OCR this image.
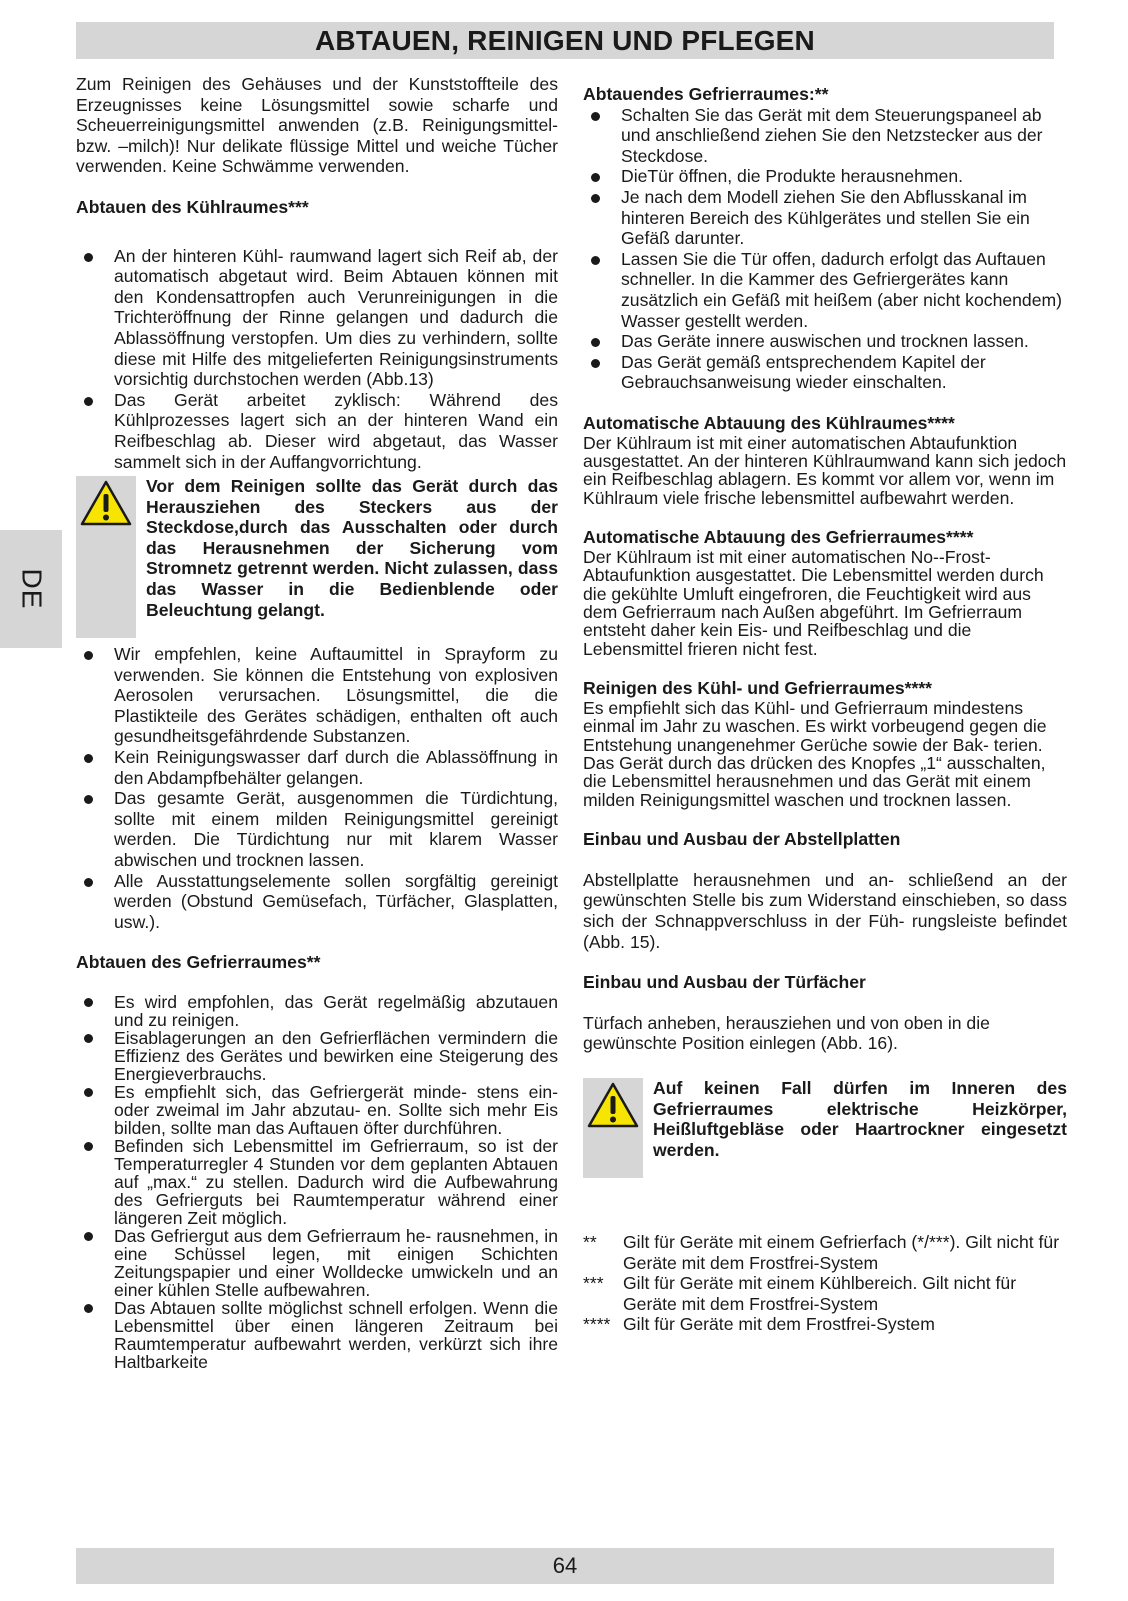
ABTAUEN, REINIGEN UND PFLEGEN
DE

Zum Reinigen des Gehäuses und der Kunststoffteile des Erzeugnisses keine Lösungsmittel sowie scharfe und Scheuerreinigungsmittel anwenden (z.B. Reinigungsmittel- bzw. –milch)! Nur delikate flüssige Mittel und weiche Tücher verwenden. Keine Schwämme verwenden.

Abtauen des Kühlraumes***

An der hinteren Kühl- raumwand lagert sich Reif ab, der automatisch abgetaut wird. Beim Abtauen können mit den Kondensattropfen auch Verunreinigungen in die Trichteröffnung der Rinne gelangen und dadurch die Ablassöffnung verstopfen. Um dies zu verhindern, sollte diese mit Hilfe des mitgelieferten Reinigungsinstruments vorsichtig durchstochen werden (Abb.13)
Das Gerät arbeitet zyklisch: Während des Kühlprozesses lagert sich an der hinteren Wand ein Reifbeschlag ab. Dieser wird abgetaut, das Wasser sammelt sich in der Auffangvorrichtung.

Vor dem Reinigen sollte das Gerät durch das Herausziehen des Steckers aus der Steckdose,durch das Ausschalten oder durch das Herausnehmen der Sicherung vom Stromnetz getrennt werden. Nicht zulassen, dass das Wasser in die Bedienblende oder Beleuchtung gelangt.

Wir empfehlen, keine Auftaumittel in Sprayform zu verwenden. Sie können die Entstehung von explosiven Aerosolen verursachen. Lösungsmittel, die die Plastikteile des Gerätes schädigen, enthalten oft auch gesundheitsgefährdende Substanzen.
Kein Reinigungswasser darf durch die Ablassöffnung in den Abdampfbehälter gelangen.
Das gesamte Gerät, ausgenommen die Türdichtung, sollte mit einem milden Reinigungsmittel gereinigt werden. Die Türdichtung nur mit klarem Wasser abwischen und trocknen lassen.
Alle Ausstattungselemente sollen sorgfältig gereinigt werden (Obstund Gemüsefach, Türfächer, Glasplatten, usw.).

Abtauen des Gefrierraumes**

Es wird empfohlen, das Gerät regelmäßig abzutauen und zu reinigen.
Eisablagerungen an den Gefrierflächen vermindern die Effizienz des Gerätes und bewirken eine Steigerung des Energieverbrauchs.
Es empfiehlt sich, das Gefriergerät minde- stens ein- oder zweimal im Jahr abzutau- en. Sollte sich mehr Eis bilden, sollte man das Auftauen öfter durchführen.
Befinden sich Lebensmittel im Gefrierraum, so ist der Temperaturregler 4 Stunden vor dem geplanten Abtauen auf „max.“ zu stellen. Dadurch wird die Aufbewahrung des Gefrierguts bei Raumtemperatur während einer längeren Zeit möglich.
Das Gefriergut aus dem Gefrierraum he- rausnehmen, in eine Schüssel legen, mit einigen Schichten Zeitungspapier und einer Wolldecke umwickeln und an einer kühlen Stelle aufbewahren.
Das Abtauen sollte möglichst schnell erfolgen. Wenn die Lebensmittel über einen längeren Zeitraum bei Raumtemperatur aufbewahrt werden, verkürzt sich ihre Haltbarkeite

Abtauendes Gefrierraumes:**

Schalten Sie das Gerät mit dem Steuerungspaneel ab und anschließend ziehen Sie den Netzstecker aus der Steckdose.
DieTür öffnen, die Produkte herausnehmen.
Je nach dem Modell ziehen Sie den Abflusskanal im hinteren Bereich des Kühlgerätes und stellen Sie ein Gefäß darunter.
Lassen Sie die Tür offen, dadurch erfolgt das Auftauen schneller. In die Kammer des Gefriergerätes kann zusätzlich ein Gefäß mit heißem (aber nicht kochendem) Wasser gestellt werden.
Das Geräte innere auswischen und trocknen lassen.
Das Gerät gemäß entsprechendem Kapitel der Gebrauchsanweisung wieder einschalten.

Automatische Abtauung des Kühlraumes****

Der Kühlraum ist mit einer automatischen Abtaufunktion ausgestattet. An der hinteren Kühlraumwand kann sich jedoch ein Reifbeschlag ablagern. Es kommt vor allem vor, wenn im Kühlraum viele frische lebensmittel aufbewahrt werden.

Automatische Abtauung des Gefrierraumes****

Der Kühlraum ist mit einer automatischen No--Frost-Abtaufunktion ausgestattet. Die Lebensmittel werden durch die gekühlte Umluft eingefroren, die Feuchtigkeit wird aus dem Gefrierraum nach Außen abgeführt. Im Gefrierraum entsteht daher kein Eis- und Reifbeschlag und die Lebensmittel frieren nicht fest.

Reinigen des Kühl- und Gefrierraumes****

Es empfiehlt sich das Kühl- und Gefrierraum mindestens einmal im Jahr zu waschen. Es wirkt vorbeugend gegen die Entstehung unangenehmer Gerüche sowie der Bak- terien. Das Gerät durch das drücken des Knopfes „1“ ausschalten, die Lebensmittel herausnehmen und das Gerät mit einem milden Reinigungsmittel waschen und trocknen lassen.

Einbau und Ausbau der Abstellplatten

Abstellplatte herausnehmen und an- schließend an der gewünschten Stelle bis zum Widerstand einschieben, so dass sich der Schnappverschluss in der Füh- rungsleiste befindet (Abb. 15).

Einbau und Ausbau der Türfächer

Türfach anheben, herausziehen und von oben in die gewünschte Position einlegen (Abb. 16).

Auf keinen Fall dürfen im Inneren des Gefrierraumes elektrische Heizkörper, Heißluftgebläse oder Haartrockner eingesetzt werden.

**	Gilt für Geräte mit einem Gefrierfach (*/***). Gilt nicht für Geräte mit dem Frostfrei-System
***	Gilt für Geräte mit einem Kühlbereich. Gilt nicht für Geräte mit dem Frostfrei-System
**** Gilt für Geräte mit dem Frostfrei-System
64
